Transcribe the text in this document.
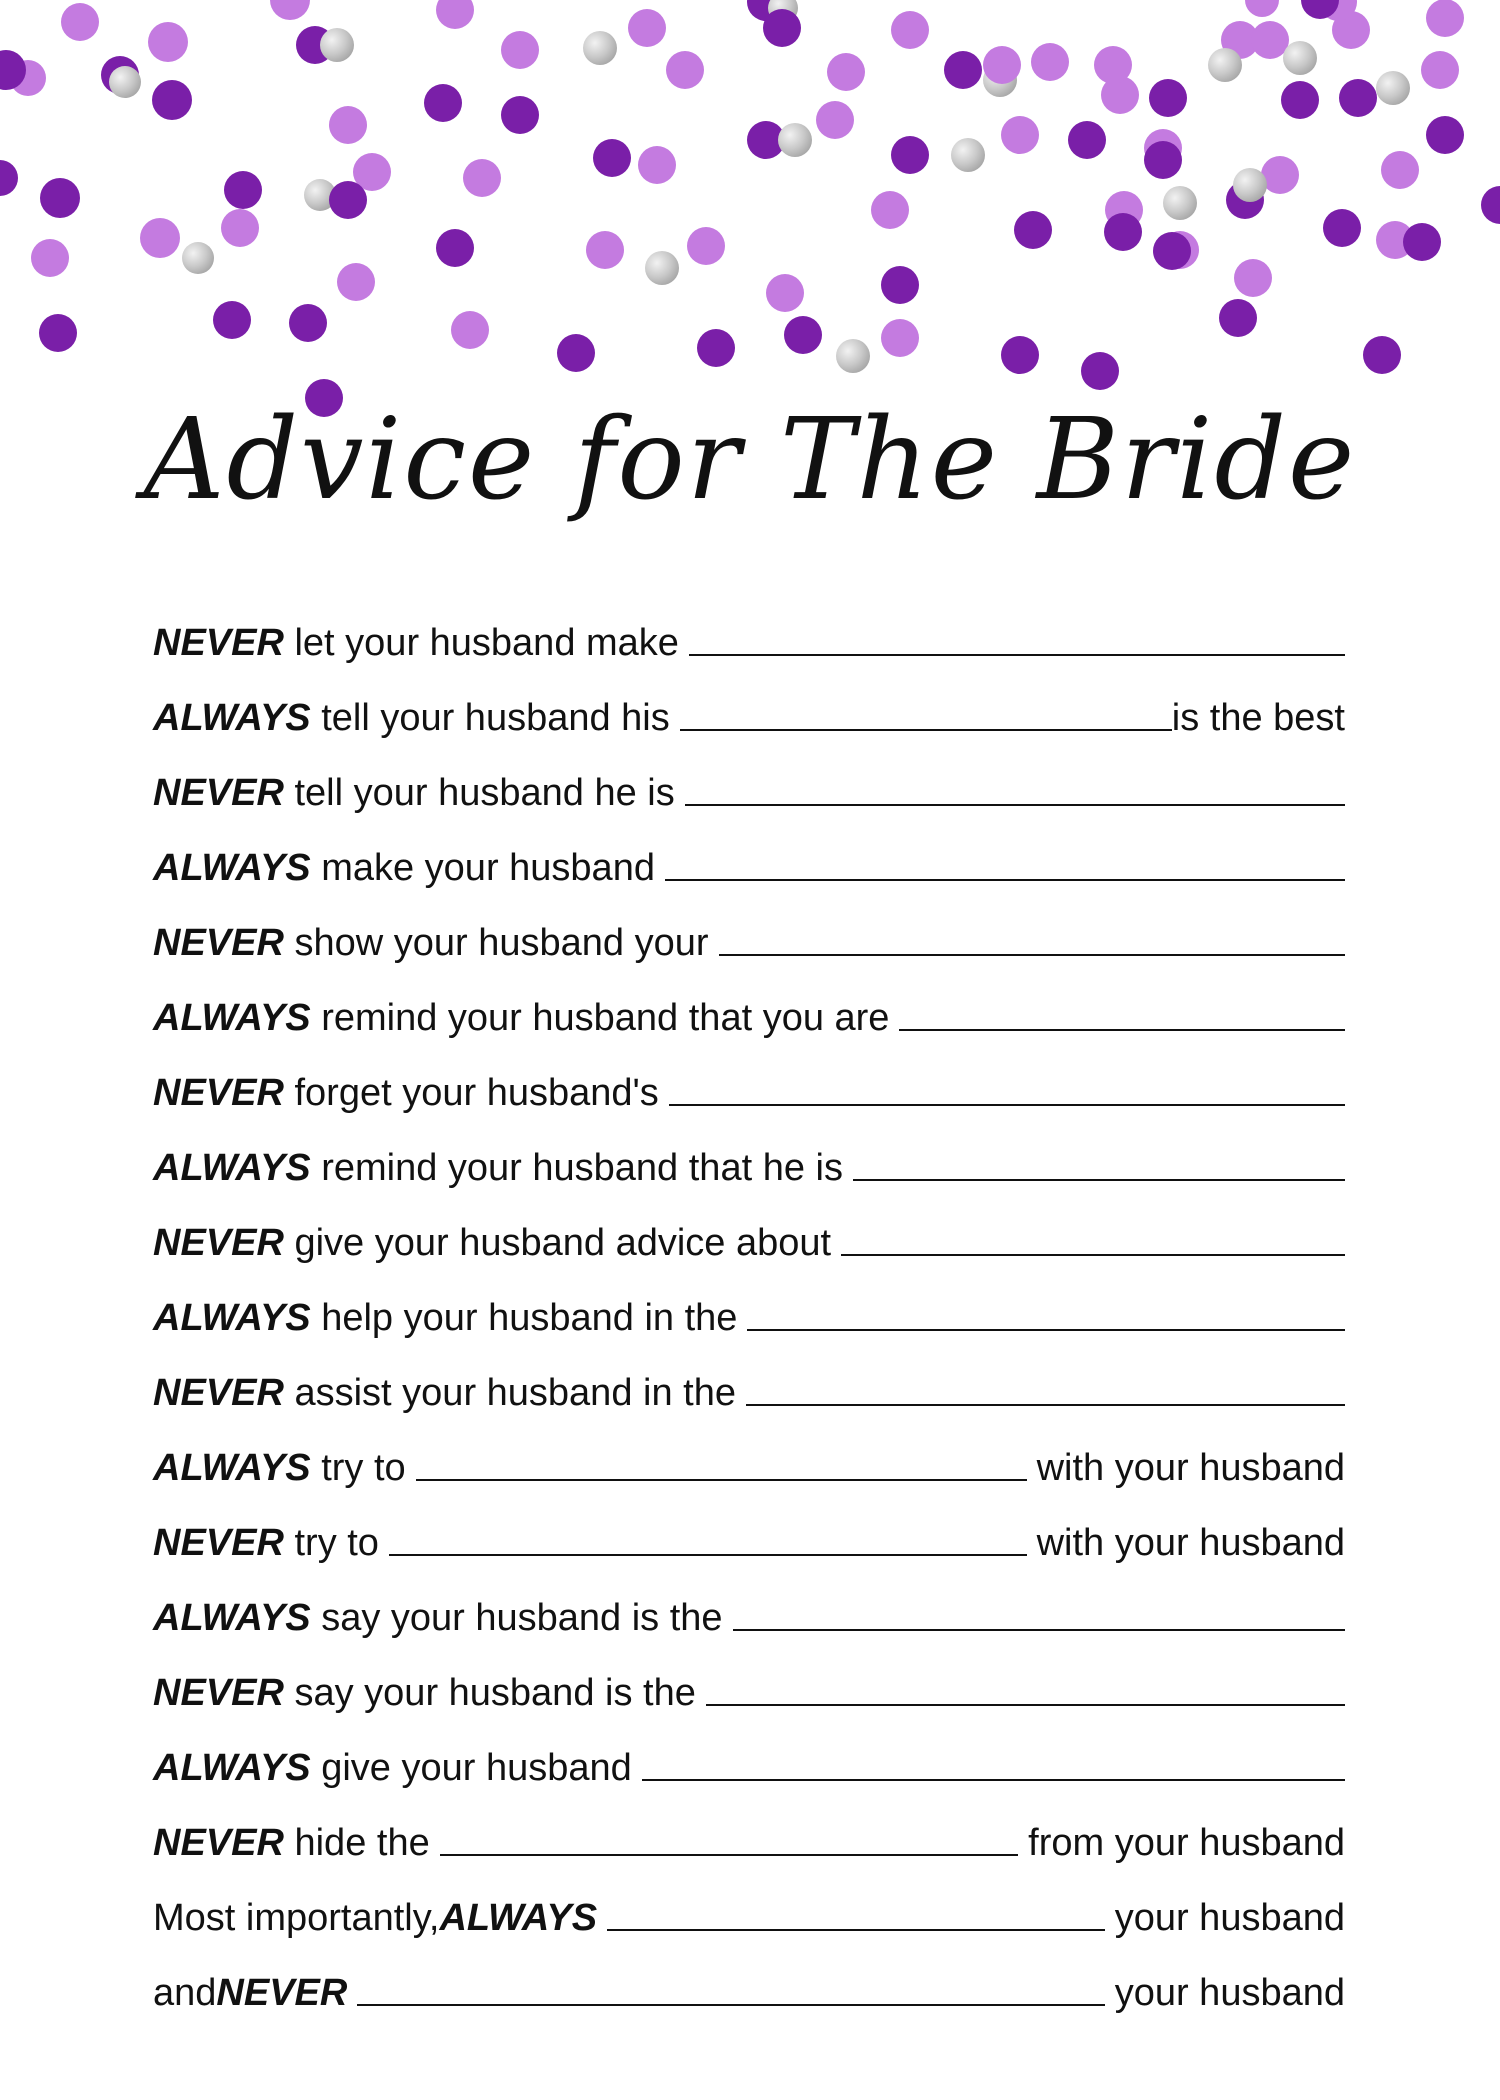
Advice for The Bride
NEVER let your husband make
ALWAYS tell your husband his	is the best
NEVER tell your husband he is
ALWAYS make your husband
NEVER show your husband your
ALWAYS remind your husband that you are
NEVER forget your husband's
ALWAYS remind your husband that he is
NEVER give your husband advice about
ALWAYS help your husband in the
NEVER assist your husband in the
ALWAYS try to	with your husband
NEVER try to	with your husband
ALWAYS say your husband is the
NEVER say your husband is the
ALWAYS give your husband
NEVER hide the	from your husband
Most importantly, ALWAYS	your husband
and NEVER	your husband
